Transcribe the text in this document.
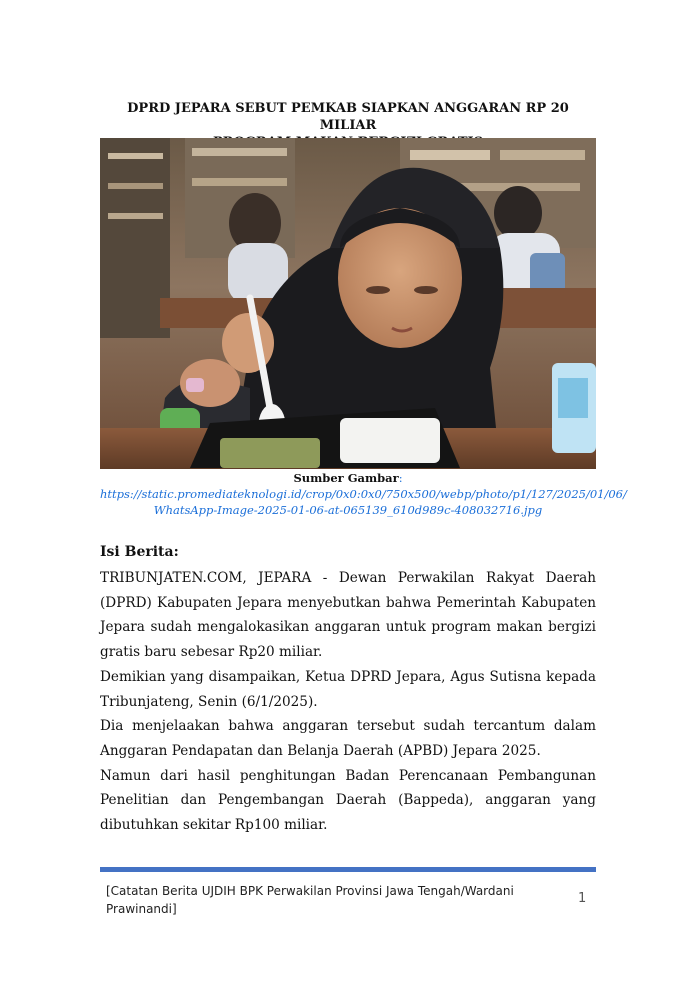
DPRD JEPARA SEBUT PEMKAB SIAPKAN ANGGARAN RP 20 MILIAR
Sumber Gambar:
https://static.promediateknologi.id/crop/0x0:0x0/750x500/webp/photo/p1/127/2025/01/06/
WhatsApp-Image-2025-01-06-at-065139_610d989c-408032716.jpg
Isi Berita:

TRIBUNJATEN.COM, JEPARA - Dewan Perwakilan Rakyat Daerah (DPRD) Kabupaten Jepara menyebutkan bahwa Pemerintah Kabupaten Jepara sudah mengalokasikan anggaran untuk program makan bergizi gratis baru sebesar Rp20 miliar.

Demikian yang disampaikan, Ketua DPRD Jepara, Agus Sutisna kepada Tribunjateng, Senin (6/1/2025).

Dia menjelaakan bahwa anggaran tersebut sudah tercantum dalam Anggaran Pendapatan dan Belanja Daerah (APBD) Jepara 2025.

Namun dari hasil penghitungan Badan Perencanaan Pembangunan Penelitian dan Pengembangan Daerah (Bappeda), anggaran yang dibutuhkan sekitar Rp100 miliar.

[Catatan Berita UJDIH BPK Perwakilan Provinsi Jawa Tengah/Wardani
Prawinandi]
1
